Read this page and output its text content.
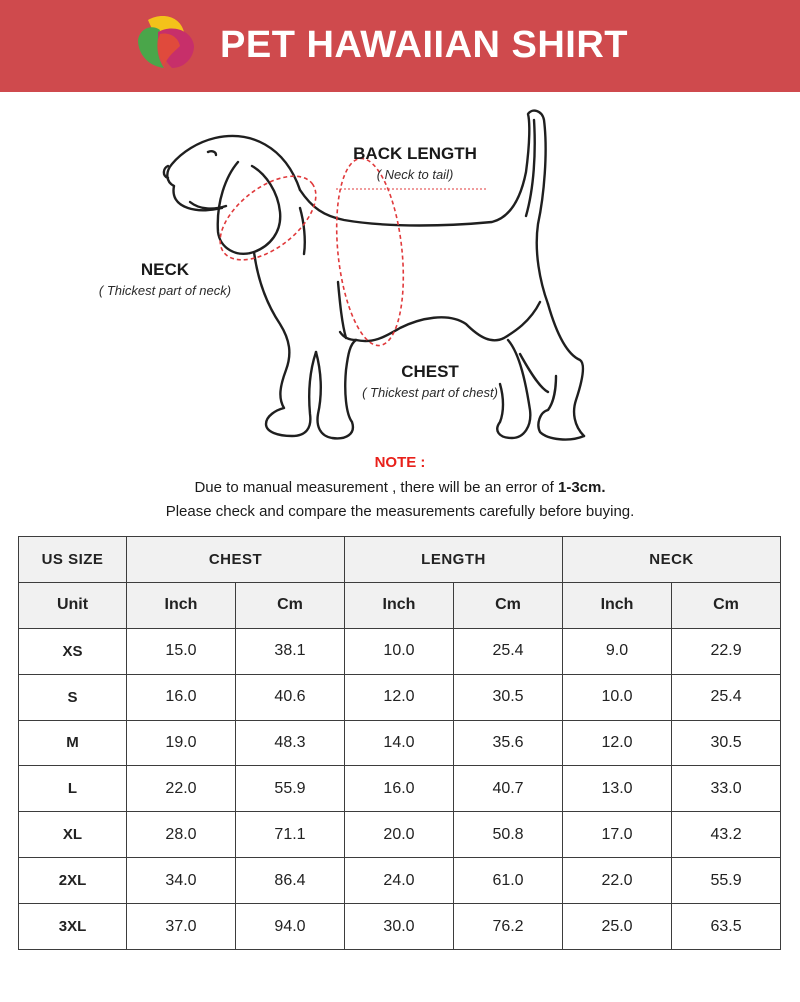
PET HAWAIIAN SHIRT
BACK LENGTH
( Neck to tail)
NECK
( Thickest part of neck)
CHEST
( Thickest part of chest)
NOTE :
Due to manual measurement , there will be an error of 1-3cm.
Please check and compare the measurements carefully before buying.
US SIZE	CHEST		LENGTH		NECK	
Unit	Inch	Cm	Inch	Cm	Inch	Cm
XS	15.0	38.1	10.0	25.4	9.0	22.9
S	16.0	40.6	12.0	30.5	10.0	25.4
M	19.0	48.3	14.0	35.6	12.0	30.5
L	22.0	55.9	16.0	40.7	13.0	33.0
XL	28.0	71.1	20.0	50.8	17.0	43.2
2XL	34.0	86.4	24.0	61.0	22.0	55.9
3XL	37.0	94.0	30.0	76.2	25.0	63.5
